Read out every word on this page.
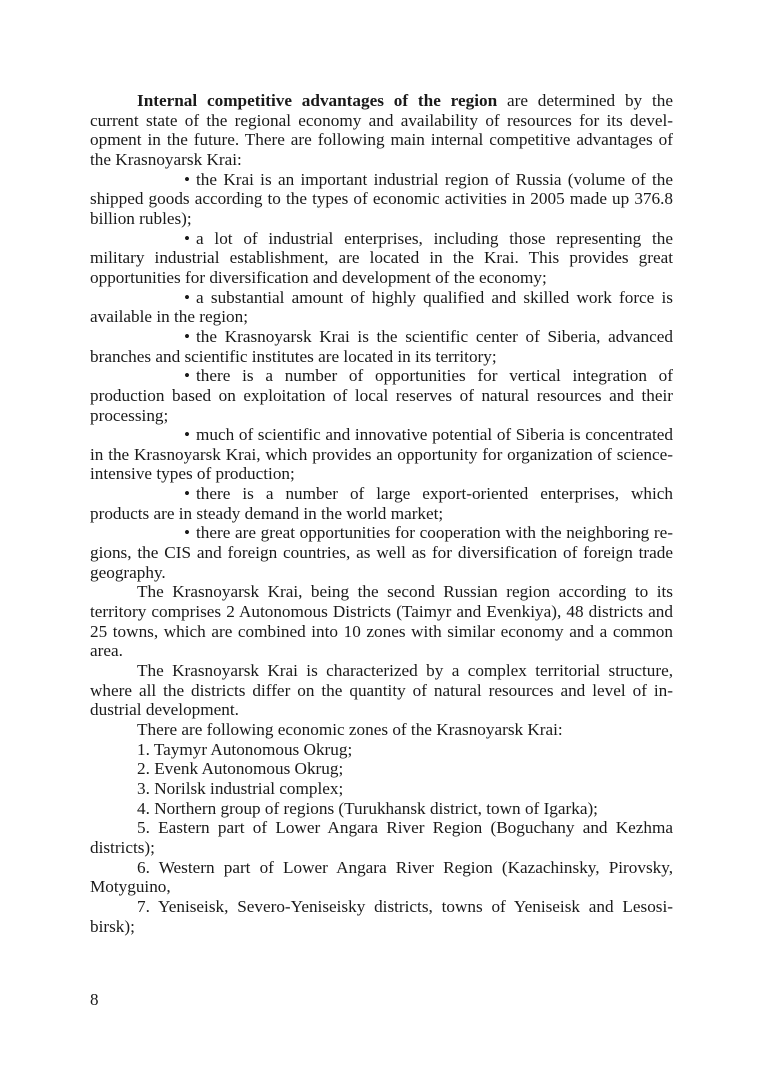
Internal competitive advantages of the region are determined by the current state of the regional economy and availability of resources for its development in the future. There are following main internal competitive advantages of the Krasnoyarsk Krai:

• the Krai is an important industrial region of Russia (volume of the shipped goods according to the types of economic activities in 2005 made up 376.8 billion rubles);

• a lot of industrial enterprises, including those representing the military industrial establishment, are located in the Krai. This provides great opportunities for diversification and development of the economy;

• a substantial amount of highly qualified and skilled work force is available in the region;

• the Krasnoyarsk Krai is the scientific center of Siberia, advanced branches and scientific institutes are located in its territory;

• there is a number of opportunities for vertical integration of production based on exploitation of local reserves of natural resources and their processing;

• much of scientific and innovative potential of Siberia is concentrated in the Krasnoyarsk Krai, which provides an opportunity for organization of science-intensive types of production;

• there is a number of large export-oriented enterprises, which products are in steady demand in the world market;

• there are great opportunities for cooperation with the neighboring regions, the CIS and foreign countries, as well as for diversification of foreign trade geography.

The Krasnoyarsk Krai, being the second Russian region according to its territory comprises 2 Autonomous Districts (Taimyr and Evenkiya), 48 districts and 25 towns, which are combined into 10 zones with similar economy and a common area.

The Krasnoyarsk Krai is characterized by a complex territorial structure, where all the districts differ on the quantity of natural resources and level of industrial development.

There are following economic zones of the Krasnoyarsk Krai:

1. Taymyr Autonomous Okrug;

2. Evenk Autonomous Okrug;

3. Norilsk industrial complex;

4. Northern group of regions (Turukhansk district, town of Igarka);

5. Eastern part of Lower Angara River Region (Boguchany and Kezhma districts);

6. Western part of Lower Angara River Region (Kazachinsky, Pirovsky, Motyguino,

7. Yeniseisk, Severo-Yeniseisky districts, towns of Yeniseisk and Lesosibirsk);

8
